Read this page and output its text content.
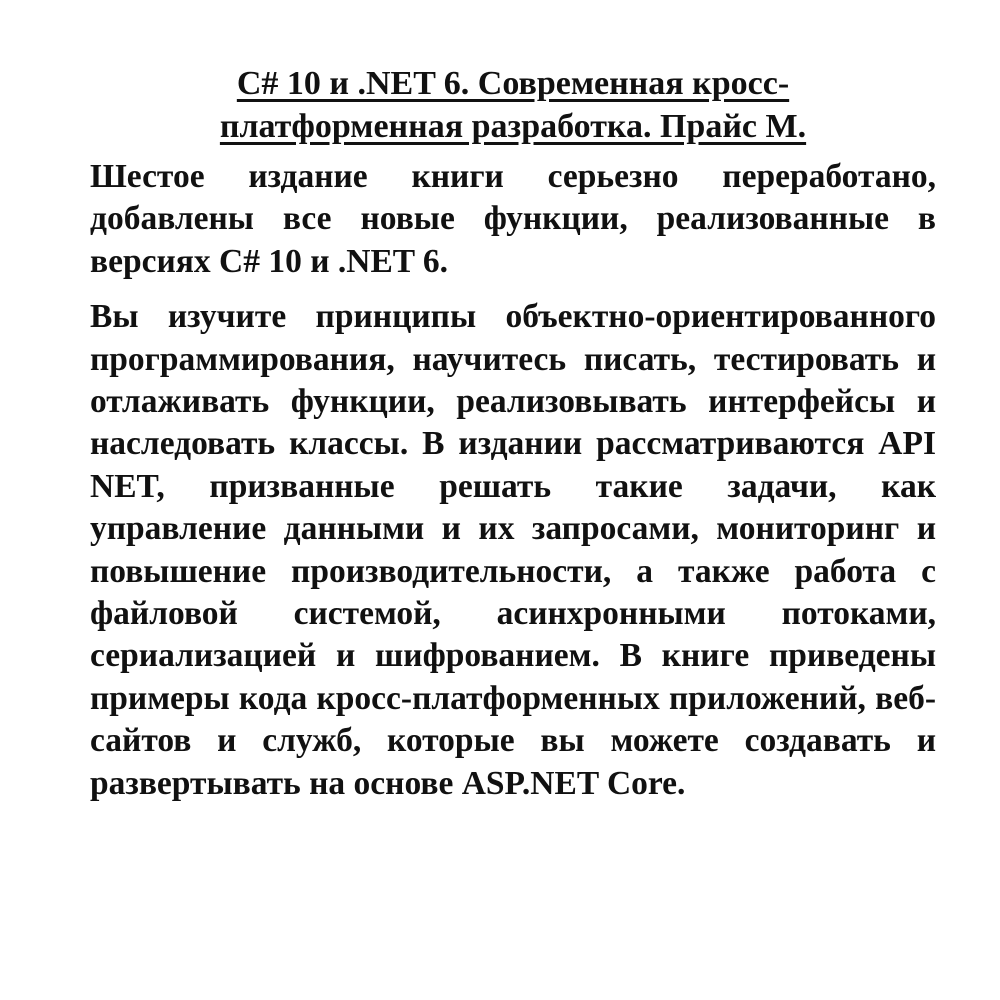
C# 10 и .NET 6. Современная кросс-
платформенная разработка. Прайс М.

Шестое издание книги серьезно переработано, добавлены все новые функции, реализованные в версиях C# 10 и .NET 6.

Вы изучите принципы объектно-ориентированного программирования, научитесь писать, тестировать и отлаживать функции, реализовывать интерфейсы и наследовать классы. В издании рассматриваются API NET, призванные решать такие задачи, как управление данными и их запросами, мониторинг и повышение производительности, а также работа с файловой системой, асинхронными потоками, сериализацией и шифрованием. В книге приведены примеры кода кросс-платформенных приложений, веб-сайтов и служб, которые вы можете создавать и развертывать на основе ASP.NET Core.
